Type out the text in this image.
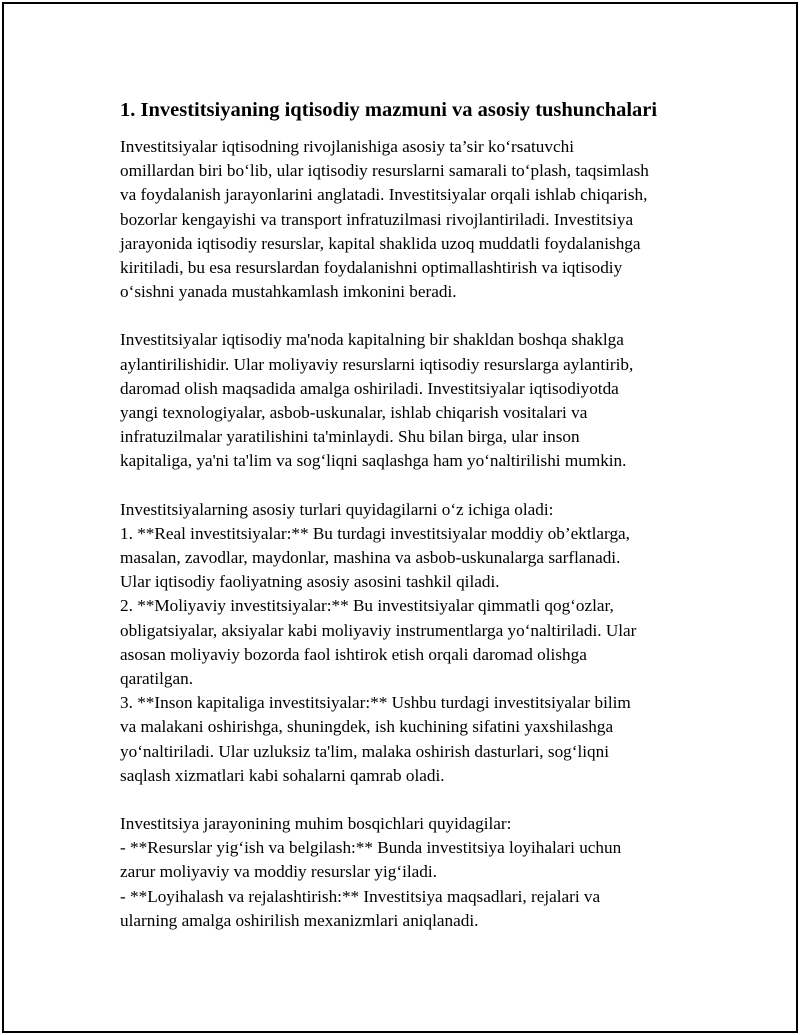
1. Investitsiyaning iqtisodiy mazmuni va asosiy tushunchalari
Investitsiyalar iqtisodning rivojlanishiga asosiy ta’sir ko‘rsatuvchi
omillardan biri bo‘lib, ular iqtisodiy resurslarni samarali to‘plash, taqsimlash
va foydalanish jarayonlarini anglatadi. Investitsiyalar orqali ishlab chiqarish,
bozorlar kengayishi va transport infratuzilmasi rivojlantiriladi. Investitsiya
jarayonida iqtisodiy resurslar, kapital shaklida uzoq muddatli foydalanishga
kiritiladi, bu esa resurslardan foydalanishni optimallashtirish va iqtisodiy
o‘sishni yanada mustahkamlash imkonini beradi.
Investitsiyalar iqtisodiy ma'noda kapitalning bir shakldan boshqa shaklga
aylantirilishidir. Ular moliyaviy resurslarni iqtisodiy resurslarga aylantirib,
daromad olish maqsadida amalga oshiriladi. Investitsiyalar iqtisodiyotda
yangi texnologiyalar, asbob-uskunalar, ishlab chiqarish vositalari va
infratuzilmalar yaratilishini ta'minlaydi. Shu bilan birga, ular inson
kapitaliga, ya'ni ta'lim va sog‘liqni saqlashga ham yo‘naltirilishi mumkin.
Investitsiyalarning asosiy turlari quyidagilarni o‘z ichiga oladi:
1. **Real investitsiyalar:** Bu turdagi investitsiyalar moddiy ob’ektlarga,
masalan, zavodlar, maydonlar, mashina va asbob-uskunalarga sarflanadi.
Ular iqtisodiy faoliyatning asosiy asosini tashkil qiladi.
2. **Moliyaviy investitsiyalar:** Bu investitsiyalar qimmatli qog‘ozlar,
obligatsiyalar, aksiyalar kabi moliyaviy instrumentlarga yo‘naltiriladi. Ular
asosan moliyaviy bozorda faol ishtirok etish orqali daromad olishga
qaratilgan.
3. **Inson kapitaliga investitsiyalar:** Ushbu turdagi investitsiyalar bilim
va malakani oshirishga, shuningdek, ish kuchining sifatini yaxshilashga
yo‘naltiriladi. Ular uzluksiz ta'lim, malaka oshirish dasturlari, sog‘liqni
saqlash xizmatlari kabi sohalarni qamrab oladi.
Investitsiya jarayonining muhim bosqichlari quyidagilar:
- **Resurslar yig‘ish va belgilash:** Bunda investitsiya loyihalari uchun
zarur moliyaviy va moddiy resurslar yig‘iladi.
- **Loyihalash va rejalashtirish:** Investitsiya maqsadlari, rejalari va
ularning amalga oshirilish mexanizmlari aniqlanadi.
